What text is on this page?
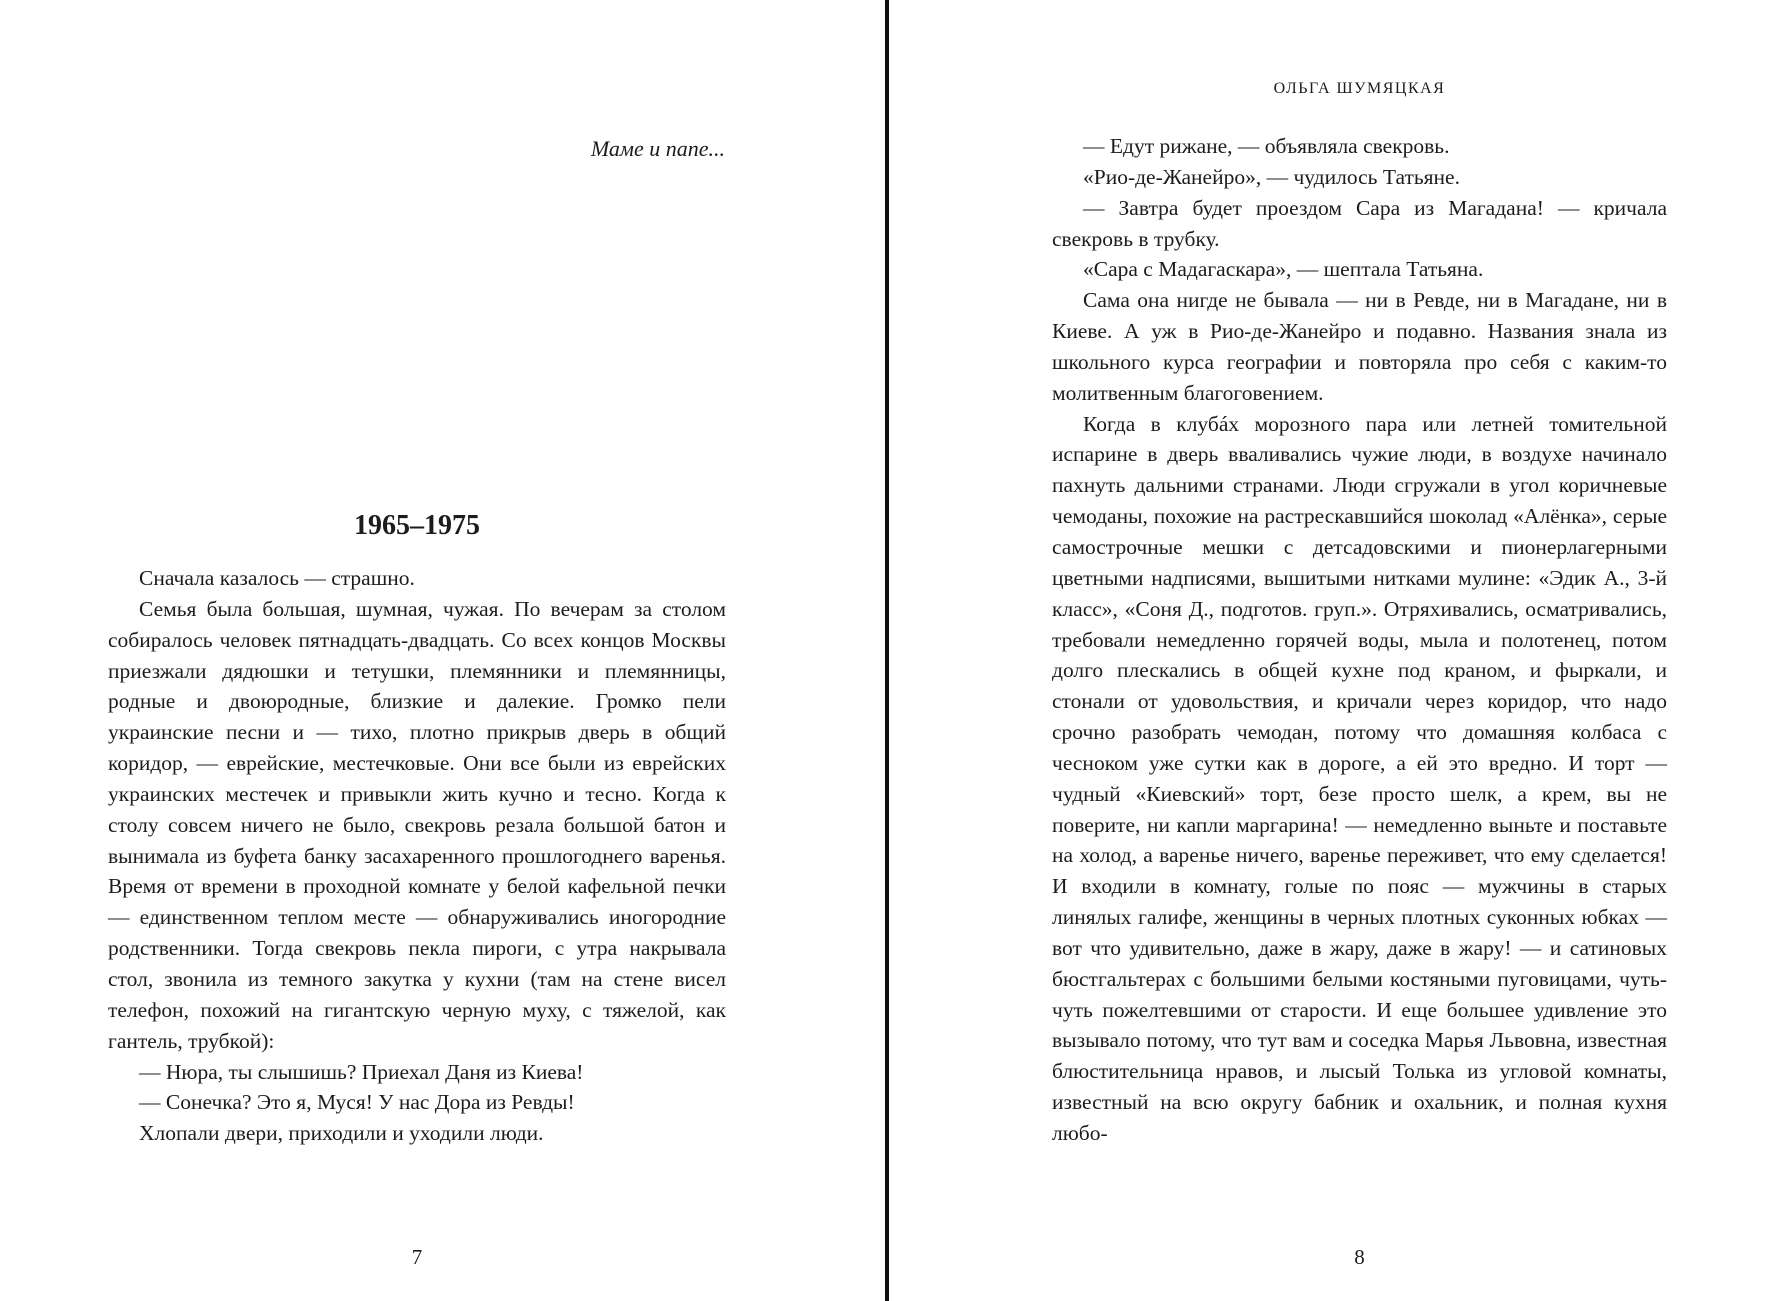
Маме и папе...
1965–1975

Сначала казалось — страшно.

Семья была большая, шумная, чужая. По вечерам за столом собиралось человек пятнадцать-двадцать. Со всех концов Москвы приезжали дядюшки и тетушки, племянники и племянницы, родные и двоюродные, близкие и далекие. Громко пели украинские песни и — тихо, плотно прикрыв дверь в общий коридор, — еврейские, местечковые. Они все были из еврейских украинских местечек и привыкли жить кучно и тесно. Когда к столу совсем ничего не было, свекровь резала большой батон и вынимала из буфета банку засахаренного прошлогоднего варенья. Время от времени в проходной комнате у белой кафельной печки — единственном теплом месте — обнаруживались иногородние родственники. Тогда свекровь пекла пироги, с утра накрывала стол, звонила из темного закутка у кухни (там на стене висел телефон, похожий на гигантскую черную муху, с тяжелой, как гантель, трубкой):

— Нюра, ты слышишь? Приехал Даня из Киева!

— Сонечка? Это я, Муся! У нас Дора из Ревды!

Хлопали двери, приходили и уходили люди.

7
ОЛЬГА ШУМЯЦКАЯ

— Едут рижане, — объявляла свекровь.

«Рио-де-Жанейро», — чудилось Татьяне.

— Завтра будет проездом Сара из Магадана! — кричала свекровь в трубку.

«Сара с Мадагаскара», — шептала Татьяна.

Сама она нигде не бывала — ни в Ревде, ни в Магадане, ни в Киеве. А уж в Рио-де-Жанейро и подавно. Названия знала из школьного курса географии и повторяла про себя с каким-то молитвенным благоговением.

Когда в клубáх морозного пара или летней томительной испарине в дверь вваливались чужие люди, в воздухе начинало пахнуть дальними странами. Люди сгружали в угол коричневые чемоданы, похожие на растрескавшийся шоколад «Алёнка», серые самострочные мешки с детсадовскими и пионерлагерными цветными надписями, вышитыми нитками мулине: «Эдик А., 3-й класс», «Соня Д., подготов. груп.». Отряхивались, осматривались, требовали немедленно горячей воды, мыла и полотенец, потом долго плескались в общей кухне под краном, и фыркали, и стонали от удовольствия, и кричали через коридор, что надо срочно разобрать чемодан, потому что домашняя колбаса с чесноком уже сутки как в дороге, а ей это вредно. И торт — чудный «Киевский» торт, безе просто шелк, а крем, вы не поверите, ни капли маргарина! — немедленно выньте и поставьте на холод, а варенье ничего, варенье переживет, что ему сделается! И входили в комнату, голые по пояс — мужчины в старых линялых галифе, женщины в черных плотных суконных юбках — вот что удивительно, даже в жару, даже в жару! — и сатиновых бюстгальтерах с большими белыми костяными пуговицами, чуть-чуть пожелтевшими от старости. И еще большее удивление это вызывало потому, что тут вам и соседка Марья Львовна, известная блюстительница нравов, и лысый Толька из угловой комнаты, известный на всю округу бабник и охальник, и полная кухня любо-

8
